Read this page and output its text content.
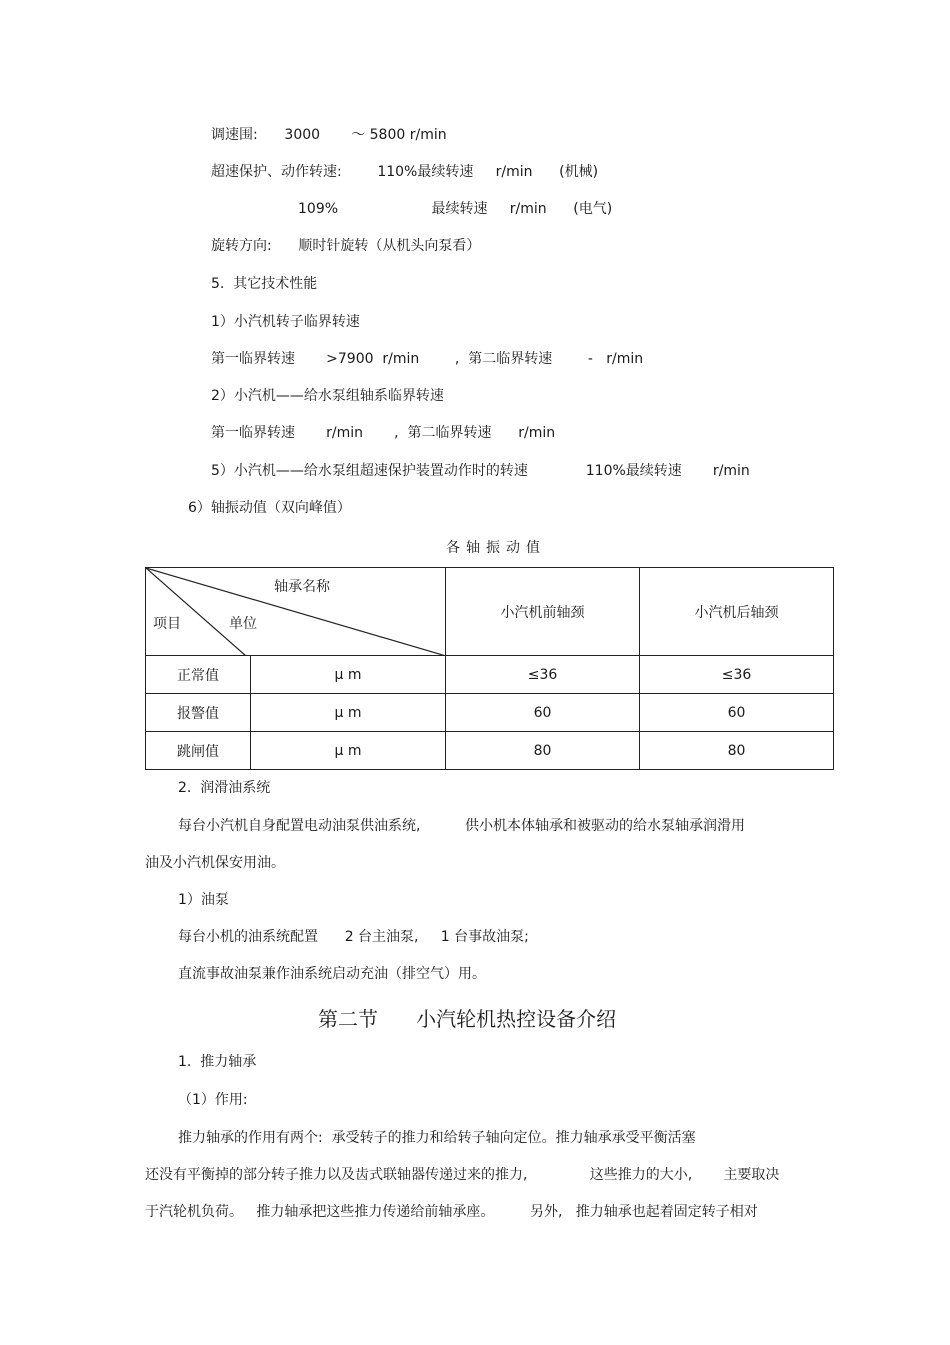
调速围:      3000       ～ 5800 r/min
超速保护、动作转速:        110%最续转速     r/min      (机械)
109%                     最续转速     r/min      (电气)
旋转方向:      顺时针旋转（从机头向泵看）
5.  其它技术性能
1）小汽机转子临界转速
第一临界转速       >7900  r/min        ,  第二临界转速        -   r/min
2）小汽机——给水泵组轴系临界转速
第一临界转速       r/min       ,  第二临界转速      r/min
5）小汽机——给水泵组超速保护装置动作时的转速             110%最续转速       r/min
6）轴振动值（双向峰值）
各轴振动值
轴承名称
单位
项目		小汽机前轴颈	小汽机后轴颈
正常值	μ m	≤36	≤36
报警值	μ m	60	60
跳闸值	μ m	80	80
2.  润滑油系统
每台小汽机自身配置电动油泵供油系统,          供小机本体轴承和被驱动的给水泵轴承润滑用
油及小汽机保安用油。
1）油泵
每台小机的油系统配置      2 台主油泵,     1 台事故油泵;
直流事故油泵兼作油系统启动充油（排空气）用。
第二节      小汽轮机热控设备介绍
1.  推力轴承
（1）作用:
推力轴承的作用有两个:  承受转子的推力和给转子轴向定位。推力轴承承受平衡活塞
还没有平衡掉的部分转子推力以及齿式联轴器传递过来的推力,              这些推力的大小,       主要取决
于汽轮机负荷。   推力轴承把这些推力传递给前轴承座。        另外,   推力轴承也起着固定转子相对
